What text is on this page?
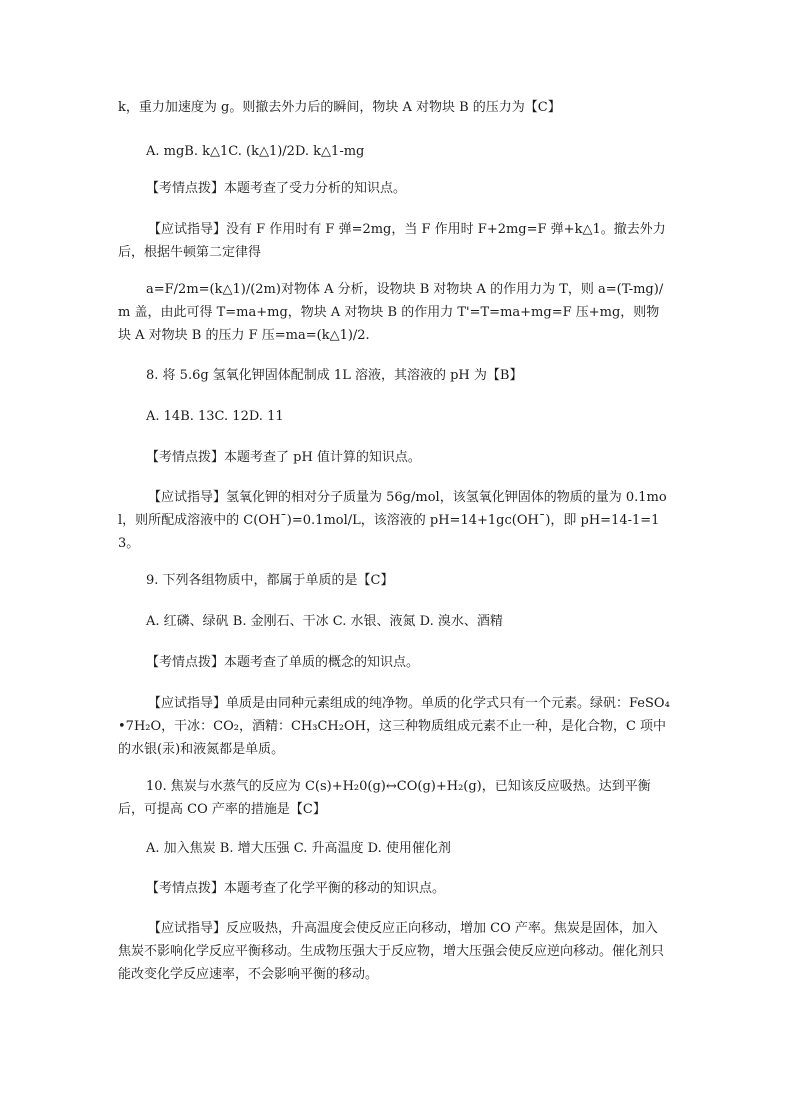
k，重力加速度为 g。则撤去外力后的瞬间，物块 A 对物块 B 的压力为【C】
A. mgB. k△1C. (k△1)/2D. k△1-mg
【考情点拨】本题考查了受力分析的知识点。
【应试指导】没有 F 作用时有 F 弹=2mg，当 F 作用时 F+2mg=F 弹+k△1。撤去外力后，根据牛顿第二定律得
a=F/2m=(k△1)/(2m)对物体 A 分析，设物块 B 对物块 A 的作用力为 T，则 a=(T-mg)/m 盖，由此可得 T=ma+mg，物块 A 对物块 B 的作用力 T'=T=ma+mg=F 压+mg，则物块 A 对物块 B 的压力 F 压=ma=(k△1)/2.
8. 将 5.6g 氢氧化钾固体配制成 1L 溶液，其溶液的 pH 为【B】
A. 14B. 13C. 12D. 11
【考情点拨】本题考查了 pH 值计算的知识点。
【应试指导】氢氧化钾的相对分子质量为 56g/mol，该氢氧化钾固体的物质的量为 0.1mol，则所配成溶液中的 C(OH¯)=0.1mol/L，该溶液的 pH=14+1gc(OH¯)，即 pH=14-1=13。
9. 下列各组物质中，都属于单质的是【C】
A. 红磷、绿矾 B. 金刚石、干冰 C. 水银、液氮 D. 溴水、酒精
【考情点拨】本题考查了单质的概念的知识点。
【应试指导】单质是由同种元素组成的纯净物。单质的化学式只有一个元素。绿矾：FeSO₄•7H₂O，干冰：CO₂，酒精：CH₃CH₂OH，这三种物质组成元素不止一种，是化合物，C 项中的水银(汞)和液氮都是单质。
10. 焦炭与水蒸气的反应为 C(s)+H₂0(g)↔CO(g)+H₂(g)，已知该反应吸热。达到平衡后，可提高 CO 产率的措施是【C】
A. 加入焦炭 B. 增大压强 C. 升高温度 D. 使用催化剂
【考情点拨】本题考查了化学平衡的移动的知识点。
【应试指导】反应吸热，升高温度会使反应正向移动，增加 CO 产率。焦炭是固体，加入焦炭不影响化学反应平衡移动。生成物压强大于反应物，增大压强会使反应逆向移动。催化剂只能改变化学反应速率，不会影响平衡的移动。
